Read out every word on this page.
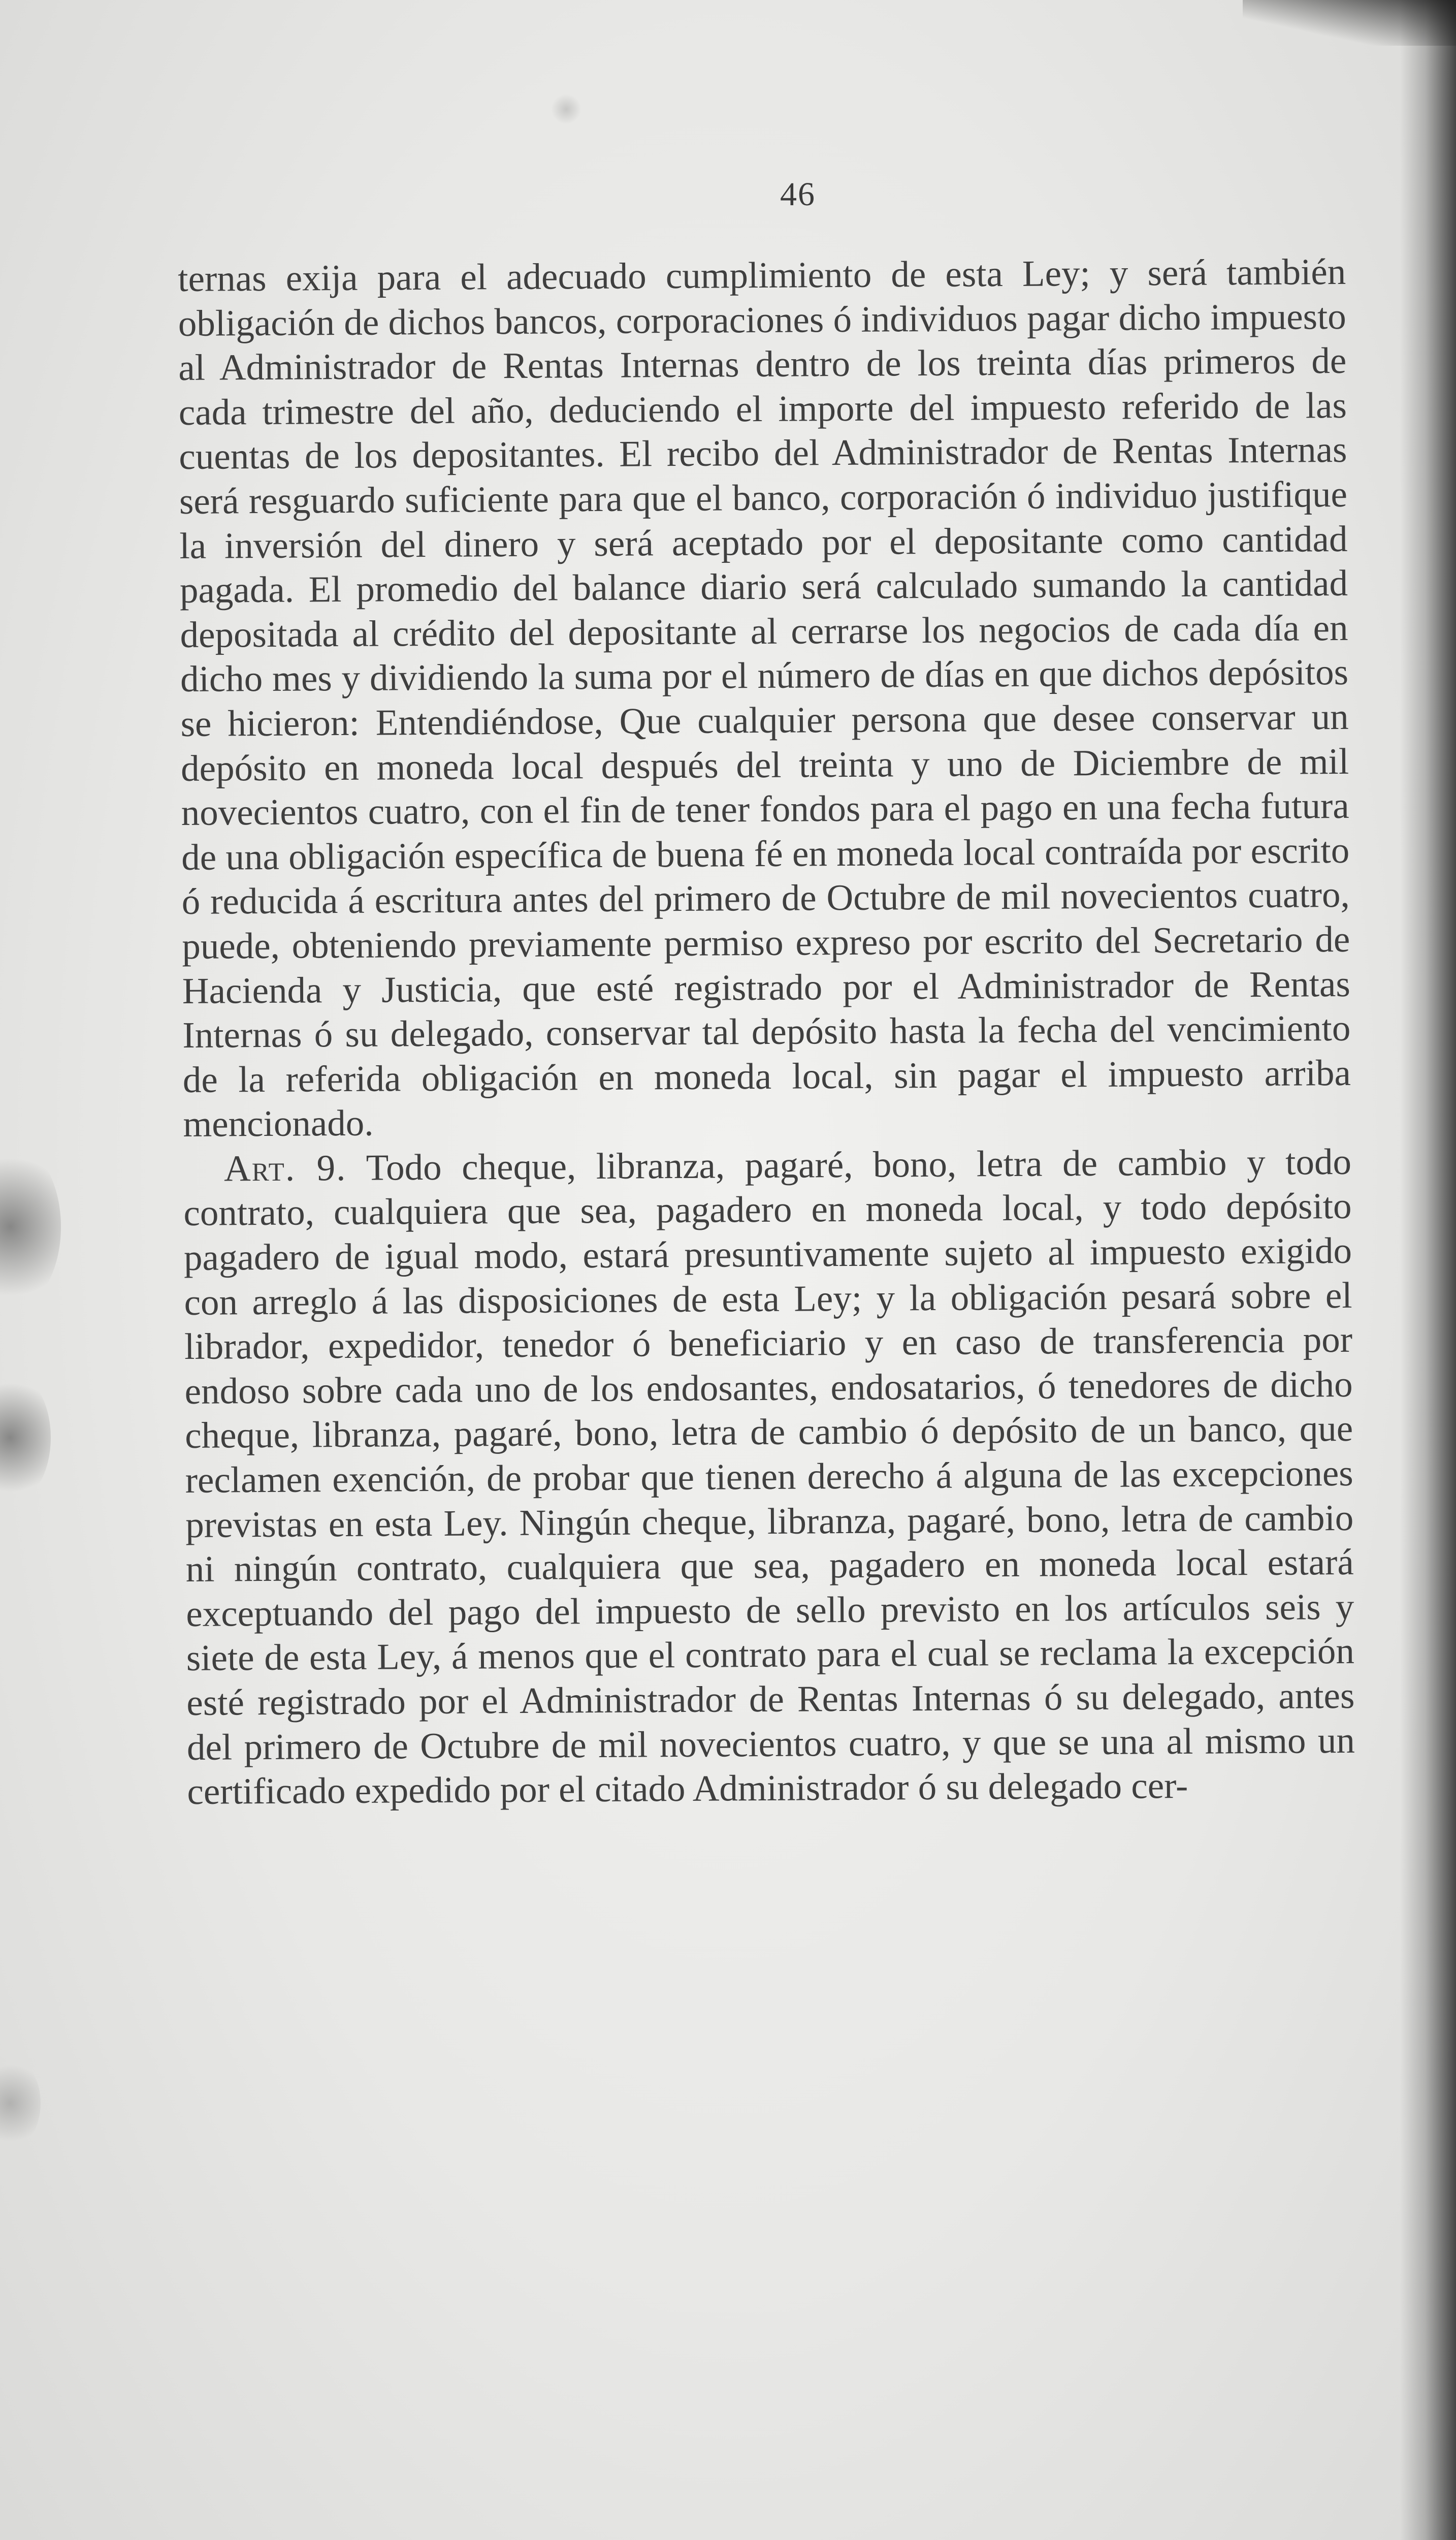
46

ternas exija para el adecuado cumplimiento de esta Ley; y será también obligación de dichos bancos, corporaciones ó individuos pagar dicho impuesto al Administrador de Rentas Internas dentro de los treinta días primeros de cada trimestre del año, deduciendo el importe del impuesto referido de las cuentas de los depositantes. El recibo del Administrador de Rentas Internas será resguardo suficiente para que el banco, corporación ó individuo justifique la inversión del dinero y será aceptado por el depositante como cantidad pagada. El promedio del balance diario será calculado sumando la cantidad depositada al crédito del depositante al cerrarse los negocios de cada día en dicho mes y dividiendo la suma por el número de días en que dichos depósitos se hicieron: Entendiéndose, Que cualquier persona que desee conservar un depósito en moneda local después del treinta y uno de Diciembre de mil novecientos cuatro, con el fin de tener fondos para el pago en una fecha futura de una obligación específica de buena fé en moneda local contraída por escrito ó reducida á escritura antes del primero de Octubre de mil novecientos cuatro, puede, obteniendo previamente permiso expreso por escrito del Secretario de Hacienda y Justicia, que esté registrado por el Administrador de Rentas Internas ó su delegado, conservar tal depósito hasta la fecha del vencimiento de la referida obligación en moneda local, sin pagar el impuesto arriba mencionado.

Art. 9. Todo cheque, libranza, pagaré, bono, letra de cambio y todo contrato, cualquiera que sea, pagadero en moneda local, y todo depósito pagadero de igual modo, estará presuntivamente sujeto al impuesto exigido con arreglo á las disposiciones de esta Ley; y la obligación pesará sobre el librador, expedidor, tenedor ó beneficiario y en caso de transferencia por endoso sobre cada uno de los endosantes, endosatarios, ó tenedores de dicho cheque, libranza, pagaré, bono, letra de cambio ó depósito de un banco, que reclamen exención, de probar que tienen derecho á alguna de las excepciones previstas en esta Ley. Ningún cheque, libranza, pagaré, bono, letra de cambio ni ningún contrato, cualquiera que sea, pagadero en moneda local estará exceptuando del pago del impuesto de sello previsto en los artículos seis y siete de esta Ley, á menos que el contrato para el cual se reclama la excepción esté registrado por el Administrador de Rentas Internas ó su delegado, antes del primero de Octubre de mil novecientos cuatro, y que se una al mismo un certificado expedido por el citado Administrador ó su delegado cer-
